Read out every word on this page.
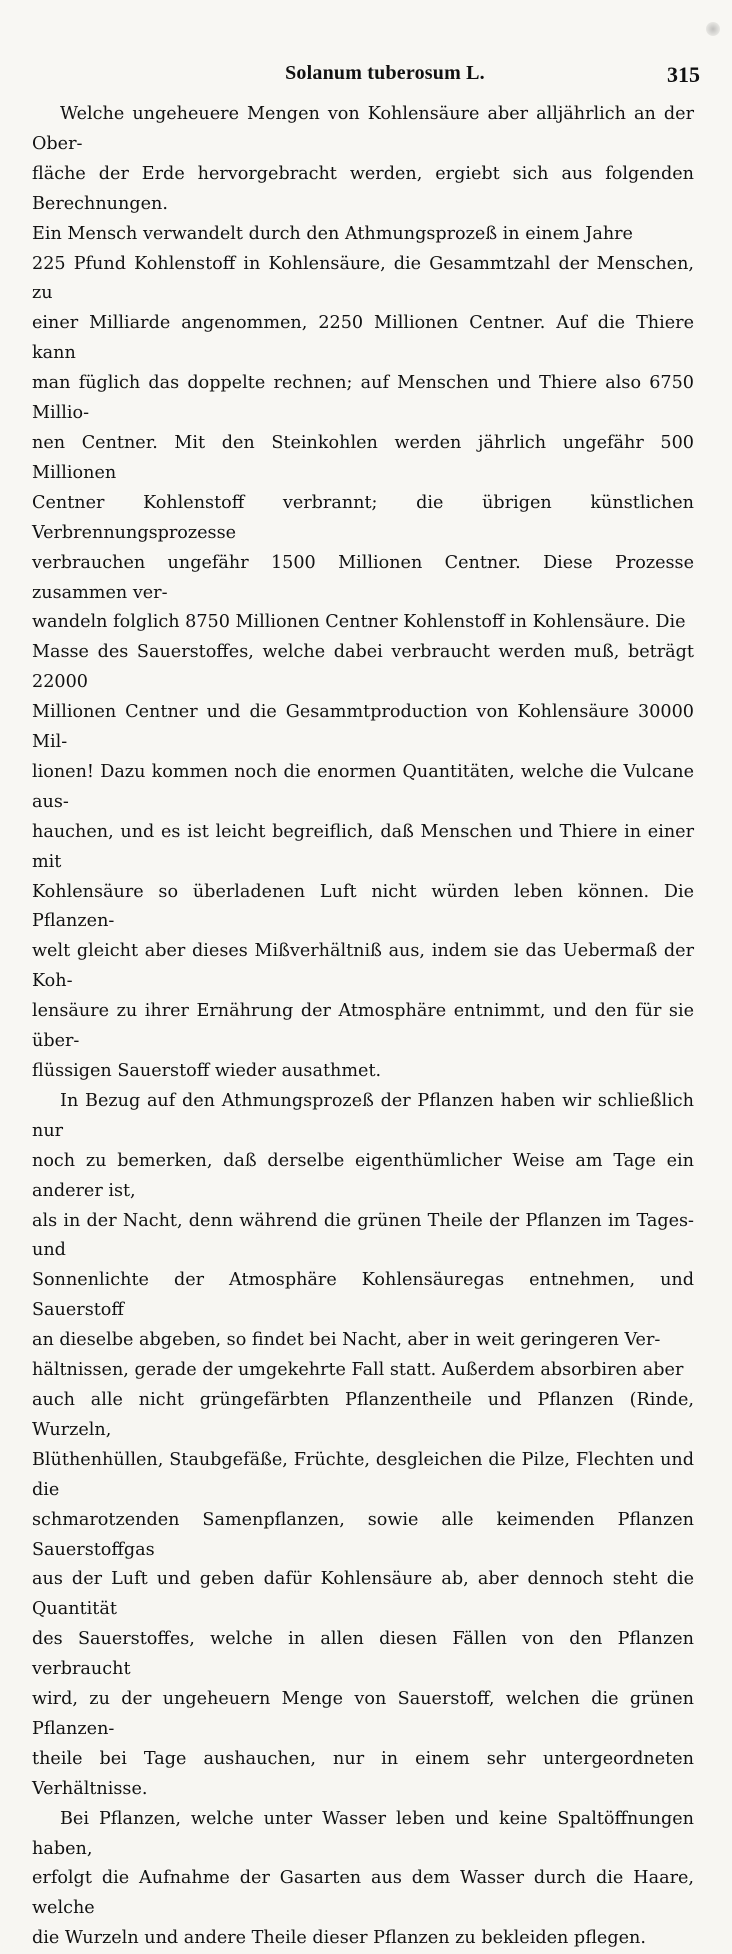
Solanum tuberosum L.	315

Welche ungeheuere Mengen von Kohlensäure aber alljährlich an der Ober-
fläche der Erde hervorgebracht werden, ergiebt sich aus folgenden Berechnungen.
Ein Mensch verwandelt durch den Athmungsprozeß in einem Jahre
225 Pfund Kohlenstoff in Kohlensäure, die Gesammtzahl der Menschen, zu
einer Milliarde angenommen, 2250 Millionen Centner. Auf die Thiere kann
man füglich das doppelte rechnen; auf Menschen und Thiere also 6750 Millio-
nen Centner. Mit den Steinkohlen werden jährlich ungefähr 500 Millionen
Centner Kohlenstoff verbrannt; die übrigen künstlichen Verbrennungsprozesse
verbrauchen ungefähr 1500 Millionen Centner. Diese Prozesse zusammen ver-
wandeln folglich 8750 Millionen Centner Kohlenstoff in Kohlensäure. Die
Masse des Sauerstoffes, welche dabei verbraucht werden muß, beträgt 22000
Millionen Centner und die Gesammtproduction von Kohlensäure 30000 Mil-
lionen! Dazu kommen noch die enormen Quantitäten, welche die Vulcane aus-
hauchen, und es ist leicht begreiflich, daß Menschen und Thiere in einer mit
Kohlensäure so überladenen Luft nicht würden leben können. Die Pflanzen-
welt gleicht aber dieses Mißverhältniß aus, indem sie das Uebermaß der Koh-
lensäure zu ihrer Ernährung der Atmosphäre entnimmt, und den für sie über-
flüssigen Sauerstoff wieder ausathmet.

In Bezug auf den Athmungsprozeß der Pflanzen haben wir schließlich nur
noch zu bemerken, daß derselbe eigenthümlicher Weise am Tage ein anderer ist,
als in der Nacht, denn während die grünen Theile der Pflanzen im Tages- und
Sonnenlichte der Atmosphäre Kohlensäuregas entnehmen, und Sauerstoff
an dieselbe abgeben, so findet bei Nacht, aber in weit geringeren Ver-
hältnissen, gerade der umgekehrte Fall statt. Außerdem absorbiren aber
auch alle nicht grüngefärbten Pflanzentheile und Pflanzen (Rinde, Wurzeln,
Blüthenhüllen, Staubgefäße, Früchte, desgleichen die Pilze, Flechten und die
schmarotzenden Samenpflanzen, sowie alle keimenden Pflanzen Sauerstoffgas
aus der Luft und geben dafür Kohlensäure ab, aber dennoch steht die Quantität
des Sauerstoffes, welche in allen diesen Fällen von den Pflanzen verbraucht
wird, zu der ungeheuern Menge von Sauerstoff, welchen die grünen Pflanzen-
theile bei Tage aushauchen, nur in einem sehr untergeordneten Verhältnisse.

Bei Pflanzen, welche unter Wasser leben und keine Spaltöffnungen haben,
erfolgt die Aufnahme der Gasarten aus dem Wasser durch die Haare, welche
die Wurzeln und andere Theile dieser Pflanzen zu bekleiden pflegen.
